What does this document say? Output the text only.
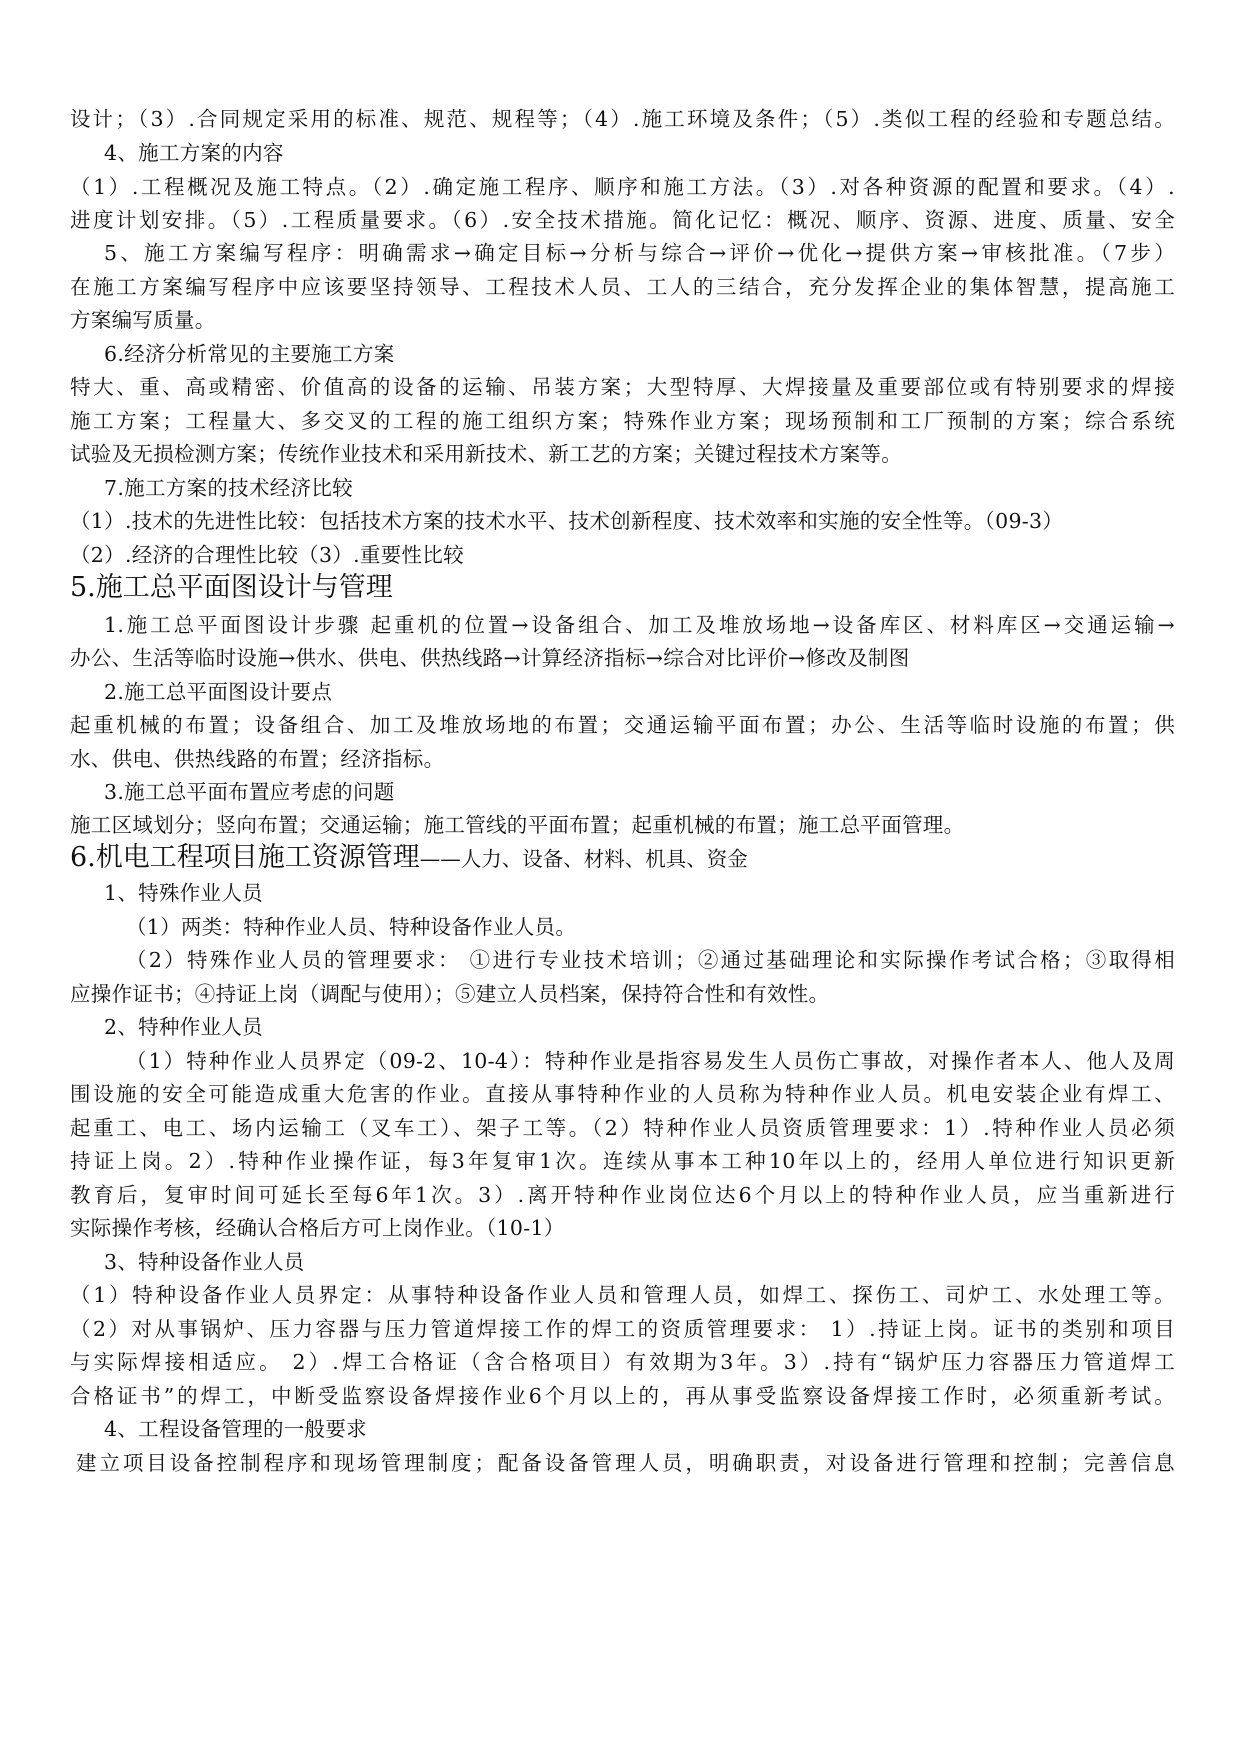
设计；（3）.合同规定采用的标准、规范、规程等；（4）.施工环境及条件；（5）.类似工程的经验和专题总结。
4、施工方案的内容
（1）.工程概况及施工特点。（2）.确定施工程序、顺序和施工方法。（3）.对各种资源的配置和要求。（4）.
进度计划安排。（5）.工程质量要求。（6）.安全技术措施。简化记忆：概况、顺序、资源、进度、质量、安全
5、施工方案编写程序：明确需求→确定目标→分析与综合→评价→优化→提供方案→审核批准。（7步）
在施工方案编写程序中应该要坚持领导、工程技术人员、工人的三结合，充分发挥企业的集体智慧，提高施工
方案编写质量。
6.经济分析常见的主要施工方案
特大、重、高或精密、价值高的设备的运输、吊装方案；大型特厚、大焊接量及重要部位或有特别要求的焊接
施工方案；工程量大、多交叉的工程的施工组织方案；特殊作业方案；现场预制和工厂预制的方案；综合系统
试验及无损检测方案；传统作业技术和采用新技术、新工艺的方案；关键过程技术方案等。
7.施工方案的技术经济比较
（1）.技术的先进性比较：包括技术方案的技术水平、技术创新程度、技术效率和实施的安全性等。（09-3）
（2）.经济的合理性比较（3）.重要性比较
5.施工总平面图设计与管理
1.施工总平面图设计步骤 起重机的位置→设备组合、加工及堆放场地→设备库区、材料库区→交通运输→
办公、生活等临时设施→供水、供电、供热线路→计算经济指标→综合对比评价→修改及制图
2.施工总平面图设计要点
起重机械的布置；设备组合、加工及堆放场地的布置；交通运输平面布置；办公、生活等临时设施的布置；供
水、供电、供热线路的布置；经济指标。
3.施工总平面布置应考虑的问题
施工区域划分；竖向布置；交通运输；施工管线的平面布置；起重机械的布置；施工总平面管理。
6.机电工程项目施工资源管理——人力、设备、材料、机具、资金
1、特殊作业人员
（1）两类：特种作业人员、特种设备作业人员。
（2）特殊作业人员的管理要求： ①进行专业技术培训；②通过基础理论和实际操作考试合格；③取得相
应操作证书；④持证上岗（调配与使用）；⑤建立人员档案，保持符合性和有效性。
2、特种作业人员
（1）特种作业人员界定（09-2、10-4）：特种作业是指容易发生人员伤亡事故，对操作者本人、他人及周
围设施的安全可能造成重大危害的作业。直接从事特种作业的人员称为特种作业人员。机电安装企业有焊工、
起重工、电工、场内运输工（叉车工）、架子工等。（2）特种作业人员资质管理要求：1）.特种作业人员必须
持证上岗。2）.特种作业操作证，每3年复审1次。连续从事本工种10年以上的，经用人单位进行知识更新
教育后，复审时间可延长至每6年1次。3）.离开特种作业岗位达6个月以上的特种作业人员，应当重新进行
实际操作考核，经确认合格后方可上岗作业。（10-1）
3、特种设备作业人员
（1）特种设备作业人员界定：从事特种设备作业人员和管理人员，如焊工、探伤工、司炉工、水处理工等。
（2）对从事锅炉、压力容器与压力管道焊接工作的焊工的资质管理要求： 1）.持证上岗。证书的类别和项目
与实际焊接相适应。 2）.焊工合格证（含合格项目）有效期为3年。3）.持有“锅炉压力容器压力管道焊工
合格证书”的焊工，中断受监察设备焊接作业6个月以上的，再从事受监察设备焊接工作时，必须重新考试。
4、工程设备管理的一般要求
建立项目设备控制程序和现场管理制度；配备设备管理人员，明确职责，对设备进行管理和控制；完善信息
